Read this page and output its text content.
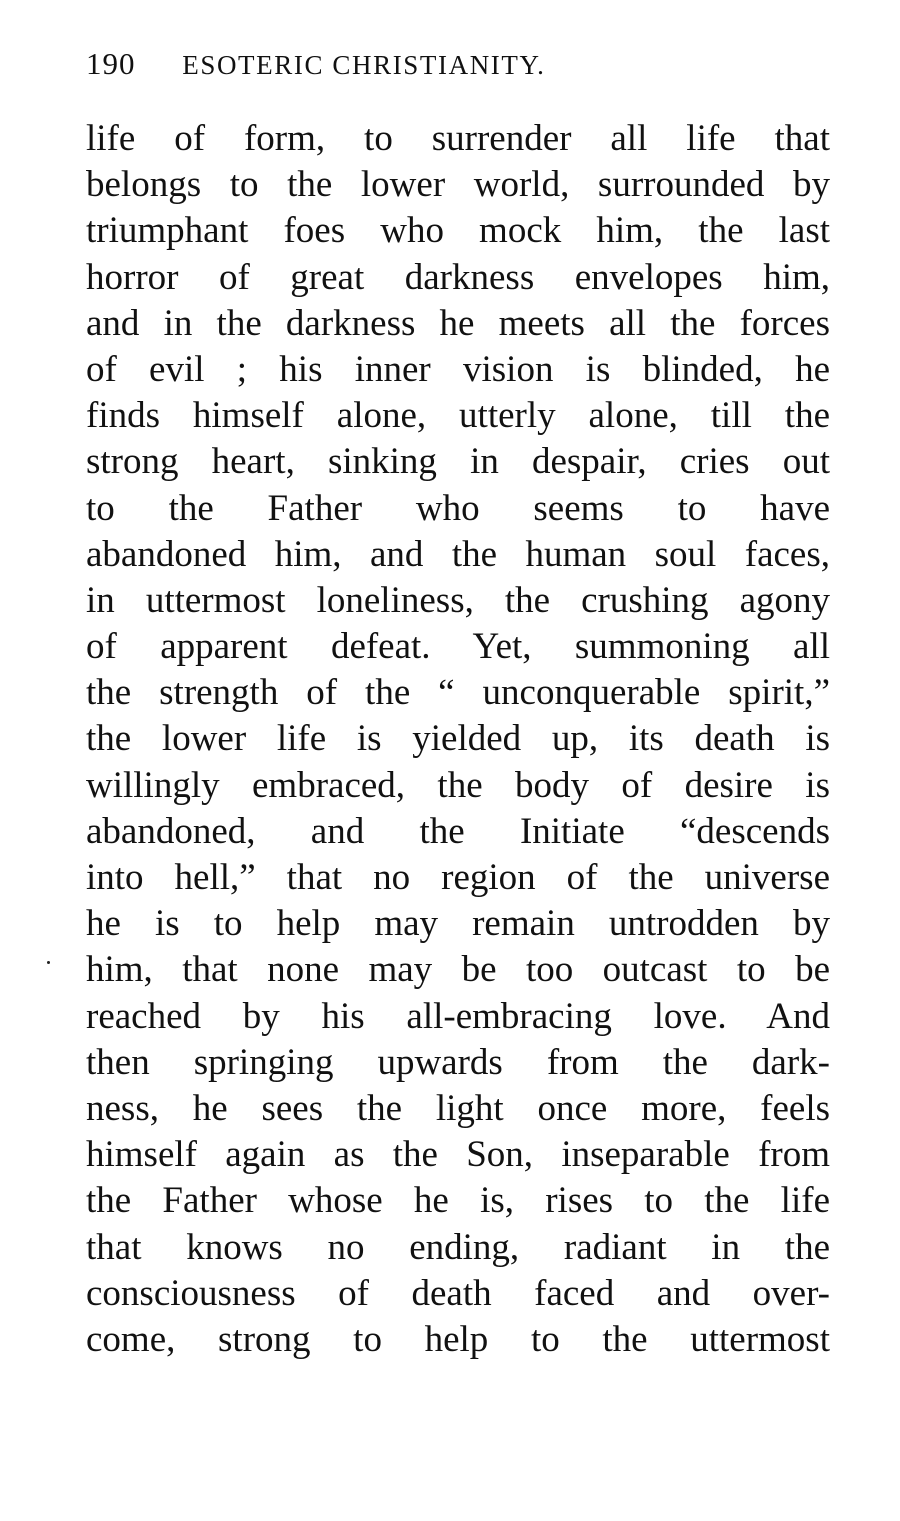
190 ESOTERIC CHRISTIANITY.
life of form, to surrender all life that
belongs to the lower world, surrounded by
triumphant foes who mock him, the last
horror of great darkness envelopes him,
and in the darkness he meets all the forces
of evil ; his inner vision is blinded, he
finds himself alone, utterly alone, till the
strong heart, sinking in despair, cries out
to the Father who seems to have
abandoned him, and the human soul faces,
in uttermost loneliness, the crushing agony
of apparent defeat. Yet, summoning all
the strength of the “ unconquerable spirit,”
the lower life is yielded up, its death is
willingly embraced, the body of desire is
abandoned, and the Initiate “descends
into hell,” that no region of the universe
he is to help may remain untrodden by
him, that none may be too outcast to be
reached by his all-embracing love. And
then springing upwards from the dark-
ness, he sees the light once more, feels
himself again as the Son, inseparable from
the Father whose he is, rises to the life
that knows no ending, radiant in the
consciousness of death faced and over-
come, strong to help to the uttermost
